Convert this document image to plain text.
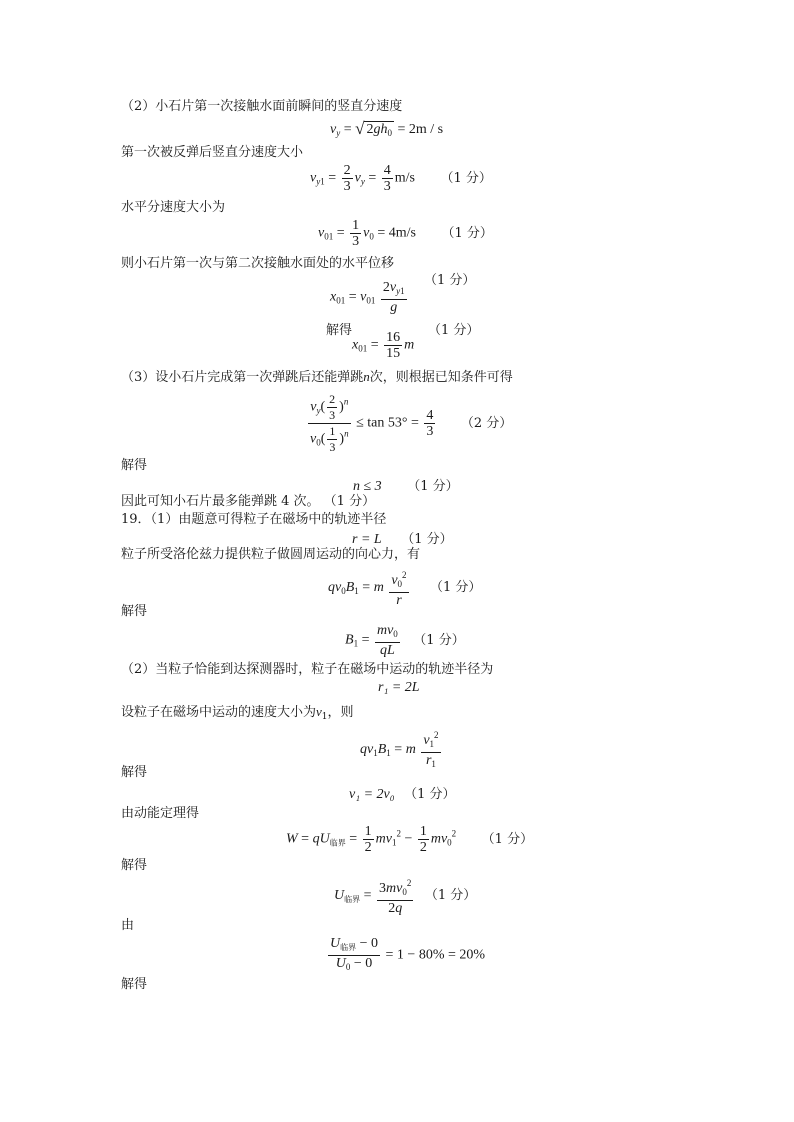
（2）小石片第一次接触水面前瞬间的竖直分速度
$v_y$ = √ $2gh_0 = 2m / s$
第一次被反弹后竖直分速度大小
$v_{y1} = \frac{2}{3} v_y = \frac{4}{3} m/s$ （1 分）
水平分速度大小为
$v_{01} = \frac{1}{3} v_0 = 4m/s$ （1 分）
则小石片第一次与第二次接触水面处的水平位移
（1 分）
$x_{01} = v_{01} \frac{2v_{y1}}{g}$
解得	（1 分）
$x_{01} = \frac{16}{15}$ m
（3）设小石片完成第一次弹跳后还能弹跳n次，则根据已知条件可得
$\frac{v_y( \frac{2}{3} )^n}{v_0( \frac{1}{3} )^n} \le \tan 53^\circ = \frac{4}{3} (2$ 分）
解得
n ≤ 3 （1 分）
因此可知小石片最多能弹跳 4 次。 （1 分）
19．（1）由题意可得粒子在磁场中的轨迹半径
r = L （1 分）
粒子所受洛伦兹力提供粒子做圆周运动的向心力，有
$qv_0B_1 = m \frac{v_0^2}{r} (1$ 分）
解得
$B_1 = \frac{mv_0}{qL} (1$ 分）
（2）当粒子恰能到达探测器时，粒子在磁场中运动的轨迹半径为
r₁ = 2L
设粒子在磁场中运动的速度大小为$v_1$，则
$qv_1B_1 = m \frac{v_1^2}{r_1}$
解得
v₁ = 2v₀ （1 分）
由动能定理得
$W = qU_{临界} = \frac{1}{2} mv_1^2 - \frac{1}{2} mv_0^2$ （1 分）
解得
$U_{临界} = \frac{3mv_0^2}{2q} (1$ 分）
由
$\frac{U_{临界} - 0}{U_0 - 0} = 1 - 80\% = 20\%$
解得
